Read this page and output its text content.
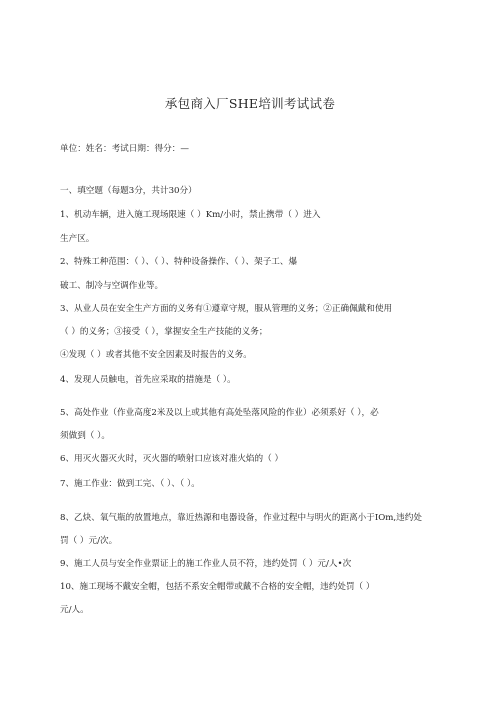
承包商入厂SHE培训考试试卷
单位：姓名：考试日期：得分：—
一、填空题（每题3分，共计30分）
1、机动车辆，进入施工现场限速（ ）Km/小时，禁止携带（ ）进入
生产区。
2、特殊工种范围：（ ）、（ ）、特种设备操作、（ ）、架子工、爆
破工、制冷与空调作业等。
3、从业人员在安全生产方面的义务有①遵章守规，服从管理的义务；②正确佩戴和使用
（ ）的义务；③接受（ ），掌握安全生产技能的义务；
④发现（ ）或者其他不安全因素及时报告的义务。
4、发现人员触电，首先应采取的措施是（ ）。
5、高处作业（作业高度2米及以上或其他有高处坠落风险的作业）必须系好（ ），必
须做到（ ）。
6、用灭火器灭火时，灭火器的喷射口应该对准火焰的（ ）
7、施工作业：做到工完、（ ）、（ ）。
8、乙炔、氧气瓶的放置地点，靠近热源和电器设备，作业过程中与明火的距离小于IOm,违约处
罚（ ）元/次。
9、施工人员与安全作业票证上的施工作业人员不符，违约处罚（ ）元/人•次
10、施工现场不戴安全帽，包括不系安全帽带或戴不合格的安全帽，违约处罚（ ）
元/人。
